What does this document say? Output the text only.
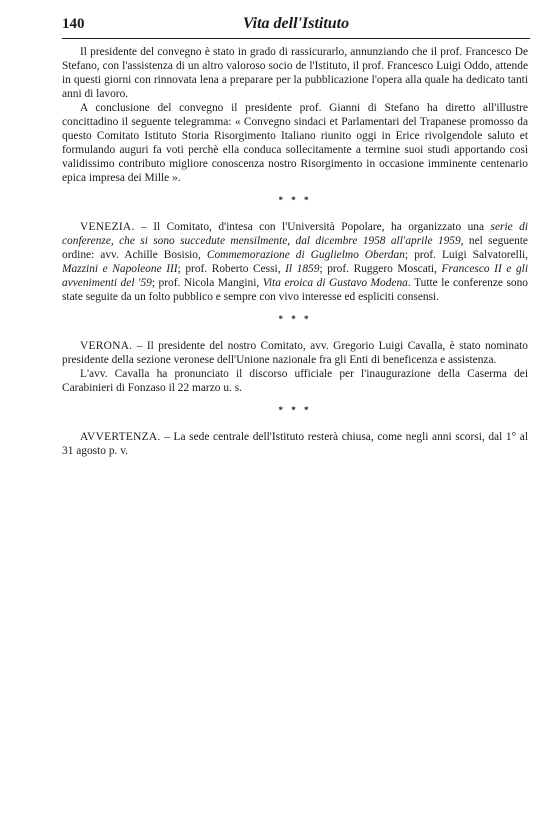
140	Vita dell'Istituto

Il presidente del convegno è stato in grado di rassicurarlo, annunziando che il prof. Francesco De Stefano, con l'assistenza di un altro valoroso socio de l'Istituto, il prof. Francesco Luigi Oddo, attende in questi giorni con rinnovata lena a preparare per la pubblicazione l'opera alla quale ha dedicato tanti anni di lavoro.

A conclusione del convegno il presidente prof. Gianni di Stefano ha diretto all'illustre concittadino il seguente telegramma: « Convegno sindaci et Parlamentari del Trapanese promosso da questo Comitato Istituto Storia Risorgimento Italiano riunito oggi in Erice rivolgendole saluto et formulando auguri fa voti perchè ella conduca sollecitamente a termine suoi studi apportando così validissimo contributo migliore conoscenza nostro Risorgimento in occasione imminente centenario epica impresa dei Mille ».

* * *

VENEZIA. – Il Comitato, d'intesa con l'Università Popolare, ha organizzato una serie di conferenze, che si sono succedute mensilmente, dal dicembre 1958 all'aprile 1959, nel seguente ordine: avv. Achille Bosisio, Commemorazione di Guglielmo Oberdan; prof. Luigi Salvatorelli, Mazzini e Napoleone III; prof. Roberto Cessi, Il 1859; prof. Ruggero Moscati, Francesco II e gli avvenimenti del '59; prof. Nicola Mangini, Vita eroica di Gustavo Modena. Tutte le conferenze sono state seguite da un folto pubblico e sempre con vivo interesse ed espliciti consensi.

* * *

VERONA. – Il presidente del nostro Comitato, avv. Gregorio Luigi Cavalla, è stato nominato presidente della sezione veronese dell'Unione nazionale fra gli Enti di beneficenza e assistenza.

L'avv. Cavalla ha pronunciato il discorso ufficiale per l'inaugurazione della Caserma dei Carabinieri di Fonzaso il 22 marzo u. s.

* * *

AVVERTENZA. – La sede centrale dell'Istituto resterà chiusa, come negli anni scorsi, dal 1° al 31 agosto p. v.
